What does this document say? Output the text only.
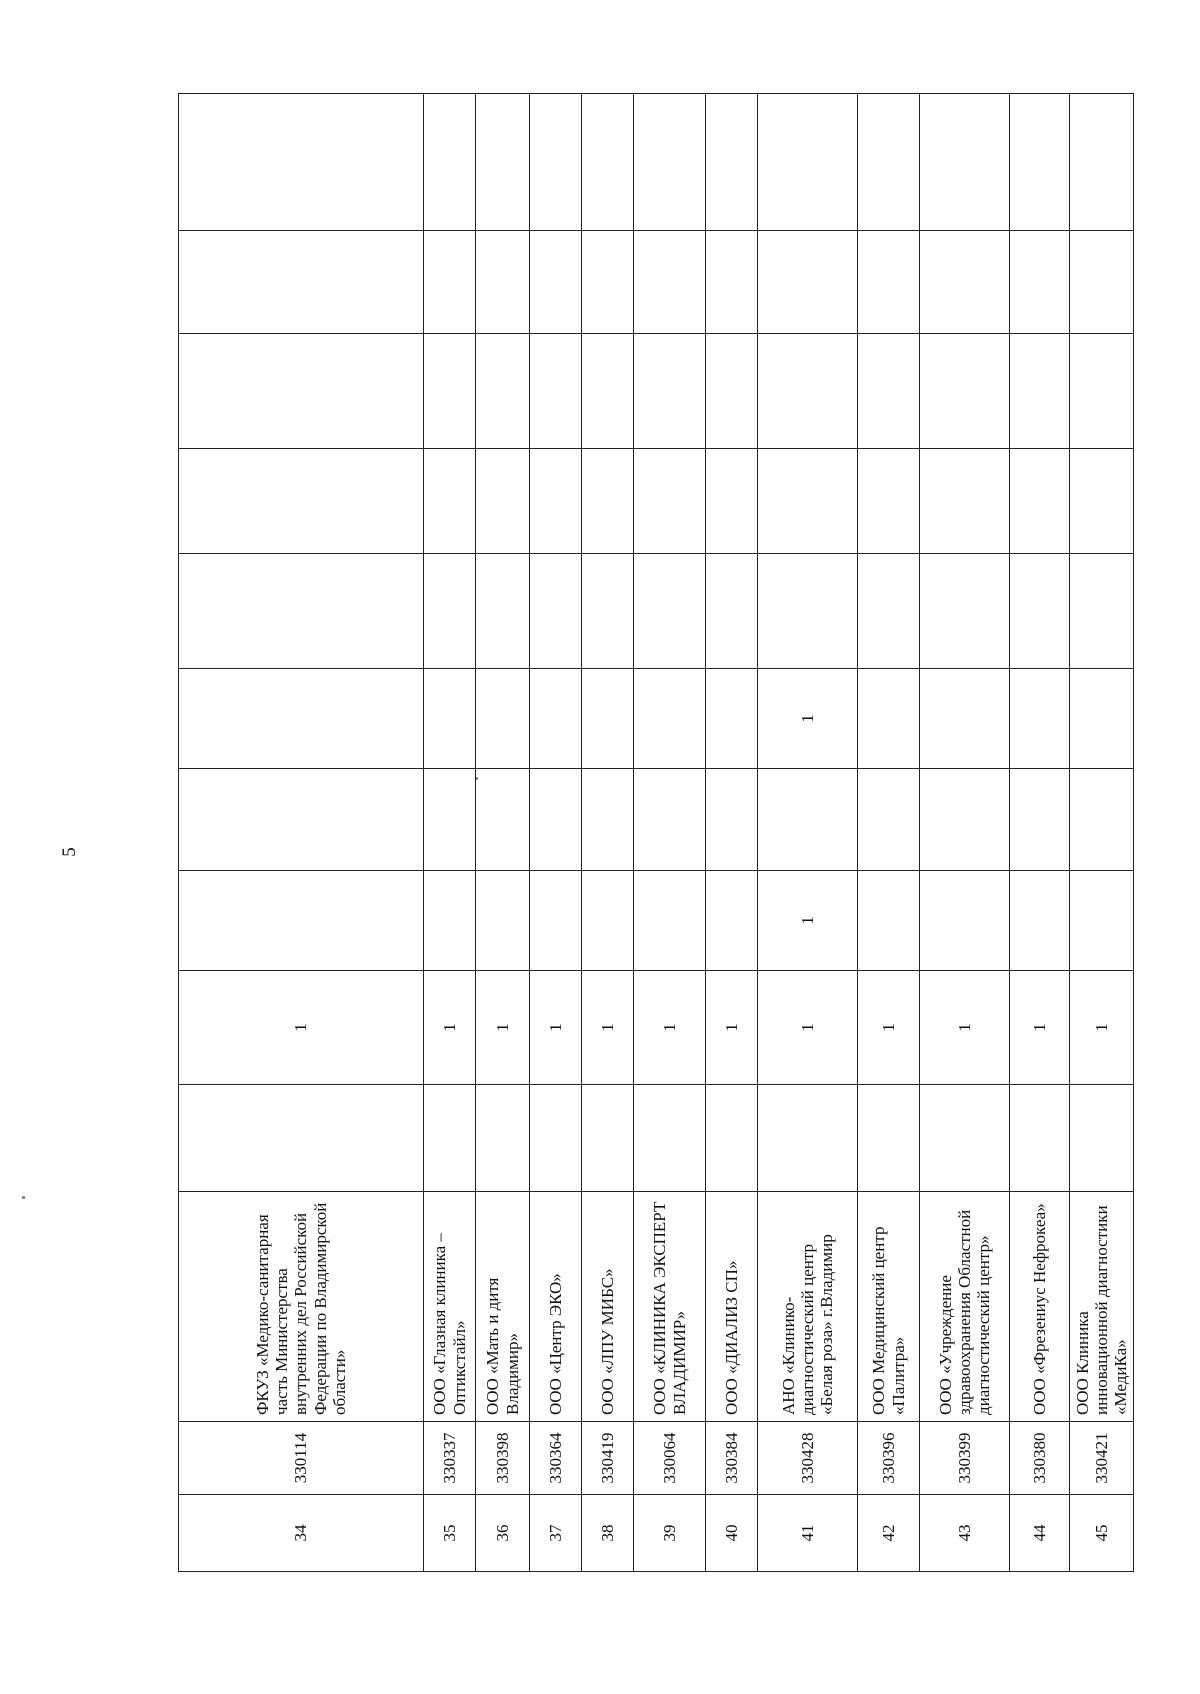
5
34	330114	ФКУЗ «Медико-санитарная часть Министерства внутренних дел Российской Федерации по Владимирской области»		1								
35	330337	ООО «Глазная клиника – Оптикстайл»		1								
36	330398	ООО «Мать и дитя Владимир»		1								
37	330364	ООО «Центр ЭКО»		1								
38	330419	ООО «ЛПУ МИБС»		1								
39	330064	ООО «КЛИНИКА ЭКСПЕРТ ВЛАДИМИР»		1								
40	330384	ООО «ДИАЛИЗ СП»		1								
41	330428	АНО «Клинико-диагностический центр «Белая роза» г.Владимир		1	1		1					
42	330396	ООО Медицинский центр «Палитра»		1								
43	330399	ООО «Учреждение здравоохранения Областной диагностический центр»		1								
44	330380	ООО «Фрезениус Нефрокеа»		1								
45	330421	ООО Клиника инновационной диагностики «МедиКа»		1								
